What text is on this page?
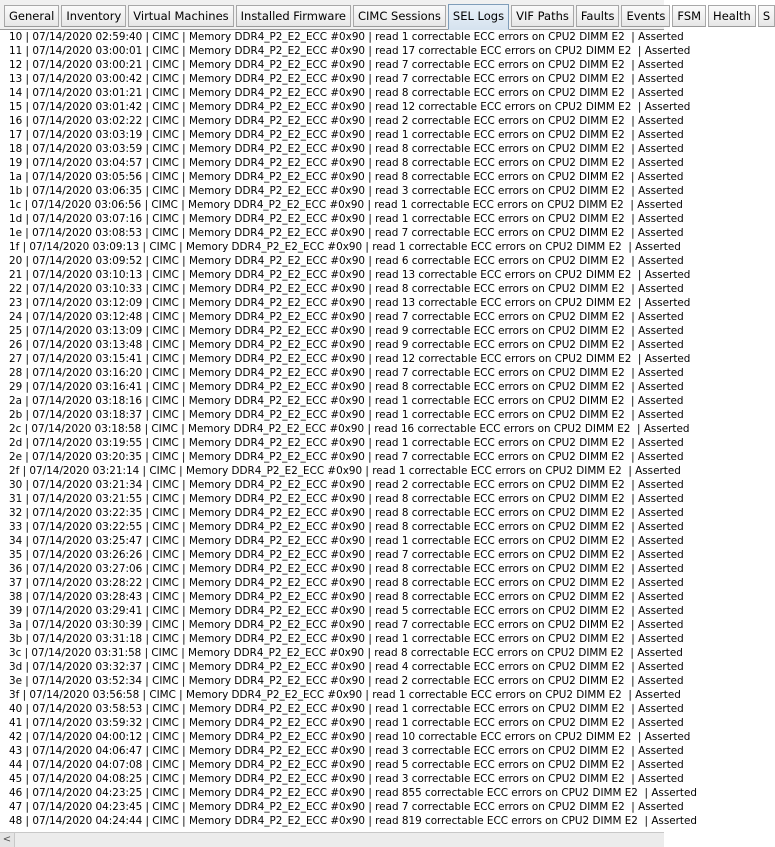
General	Inventory	Virtual Machines	Installed Firmware	CIMC Sessions	SEL Logs	VIF Paths	Faults	Events	FSM	Health	S
10 | 07/14/2020 02:59:40 | CIMC | Memory DDR4_P2_E2_ECC #0x90 | read 1 correctable ECC errors on CPU2 DIMM E2  | Asserted
11 | 07/14/2020 03:00:01 | CIMC | Memory DDR4_P2_E2_ECC #0x90 | read 17 correctable ECC errors on CPU2 DIMM E2  | Asserted
12 | 07/14/2020 03:00:21 | CIMC | Memory DDR4_P2_E2_ECC #0x90 | read 7 correctable ECC errors on CPU2 DIMM E2  | Asserted
13 | 07/14/2020 03:00:42 | CIMC | Memory DDR4_P2_E2_ECC #0x90 | read 7 correctable ECC errors on CPU2 DIMM E2  | Asserted
14 | 07/14/2020 03:01:21 | CIMC | Memory DDR4_P2_E2_ECC #0x90 | read 8 correctable ECC errors on CPU2 DIMM E2  | Asserted
15 | 07/14/2020 03:01:42 | CIMC | Memory DDR4_P2_E2_ECC #0x90 | read 12 correctable ECC errors on CPU2 DIMM E2  | Asserted
16 | 07/14/2020 03:02:22 | CIMC | Memory DDR4_P2_E2_ECC #0x90 | read 2 correctable ECC errors on CPU2 DIMM E2  | Asserted
17 | 07/14/2020 03:03:19 | CIMC | Memory DDR4_P2_E2_ECC #0x90 | read 1 correctable ECC errors on CPU2 DIMM E2  | Asserted
18 | 07/14/2020 03:03:59 | CIMC | Memory DDR4_P2_E2_ECC #0x90 | read 8 correctable ECC errors on CPU2 DIMM E2  | Asserted
19 | 07/14/2020 03:04:57 | CIMC | Memory DDR4_P2_E2_ECC #0x90 | read 8 correctable ECC errors on CPU2 DIMM E2  | Asserted
1a | 07/14/2020 03:05:56 | CIMC | Memory DDR4_P2_E2_ECC #0x90 | read 8 correctable ECC errors on CPU2 DIMM E2  | Asserted
1b | 07/14/2020 03:06:35 | CIMC | Memory DDR4_P2_E2_ECC #0x90 | read 3 correctable ECC errors on CPU2 DIMM E2  | Asserted
1c | 07/14/2020 03:06:56 | CIMC | Memory DDR4_P2_E2_ECC #0x90 | read 1 correctable ECC errors on CPU2 DIMM E2  | Asserted
1d | 07/14/2020 03:07:16 | CIMC | Memory DDR4_P2_E2_ECC #0x90 | read 1 correctable ECC errors on CPU2 DIMM E2  | Asserted
1e | 07/14/2020 03:08:53 | CIMC | Memory DDR4_P2_E2_ECC #0x90 | read 7 correctable ECC errors on CPU2 DIMM E2  | Asserted
1f | 07/14/2020 03:09:13 | CIMC | Memory DDR4_P2_E2_ECC #0x90 | read 1 correctable ECC errors on CPU2 DIMM E2  | Asserted
20 | 07/14/2020 03:09:52 | CIMC | Memory DDR4_P2_E2_ECC #0x90 | read 6 correctable ECC errors on CPU2 DIMM E2  | Asserted
21 | 07/14/2020 03:10:13 | CIMC | Memory DDR4_P2_E2_ECC #0x90 | read 13 correctable ECC errors on CPU2 DIMM E2  | Asserted
22 | 07/14/2020 03:10:33 | CIMC | Memory DDR4_P2_E2_ECC #0x90 | read 8 correctable ECC errors on CPU2 DIMM E2  | Asserted
23 | 07/14/2020 03:12:09 | CIMC | Memory DDR4_P2_E2_ECC #0x90 | read 13 correctable ECC errors on CPU2 DIMM E2  | Asserted
24 | 07/14/2020 03:12:48 | CIMC | Memory DDR4_P2_E2_ECC #0x90 | read 7 correctable ECC errors on CPU2 DIMM E2  | Asserted
25 | 07/14/2020 03:13:09 | CIMC | Memory DDR4_P2_E2_ECC #0x90 | read 9 correctable ECC errors on CPU2 DIMM E2  | Asserted
26 | 07/14/2020 03:13:48 | CIMC | Memory DDR4_P2_E2_ECC #0x90 | read 9 correctable ECC errors on CPU2 DIMM E2  | Asserted
27 | 07/14/2020 03:15:41 | CIMC | Memory DDR4_P2_E2_ECC #0x90 | read 12 correctable ECC errors on CPU2 DIMM E2  | Asserted
28 | 07/14/2020 03:16:20 | CIMC | Memory DDR4_P2_E2_ECC #0x90 | read 7 correctable ECC errors on CPU2 DIMM E2  | Asserted
29 | 07/14/2020 03:16:41 | CIMC | Memory DDR4_P2_E2_ECC #0x90 | read 8 correctable ECC errors on CPU2 DIMM E2  | Asserted
2a | 07/14/2020 03:18:16 | CIMC | Memory DDR4_P2_E2_ECC #0x90 | read 1 correctable ECC errors on CPU2 DIMM E2  | Asserted
2b | 07/14/2020 03:18:37 | CIMC | Memory DDR4_P2_E2_ECC #0x90 | read 1 correctable ECC errors on CPU2 DIMM E2  | Asserted
2c | 07/14/2020 03:18:58 | CIMC | Memory DDR4_P2_E2_ECC #0x90 | read 16 correctable ECC errors on CPU2 DIMM E2  | Asserted
2d | 07/14/2020 03:19:55 | CIMC | Memory DDR4_P2_E2_ECC #0x90 | read 1 correctable ECC errors on CPU2 DIMM E2  | Asserted
2e | 07/14/2020 03:20:35 | CIMC | Memory DDR4_P2_E2_ECC #0x90 | read 7 correctable ECC errors on CPU2 DIMM E2  | Asserted
2f | 07/14/2020 03:21:14 | CIMC | Memory DDR4_P2_E2_ECC #0x90 | read 1 correctable ECC errors on CPU2 DIMM E2  | Asserted
30 | 07/14/2020 03:21:34 | CIMC | Memory DDR4_P2_E2_ECC #0x90 | read 2 correctable ECC errors on CPU2 DIMM E2  | Asserted
31 | 07/14/2020 03:21:55 | CIMC | Memory DDR4_P2_E2_ECC #0x90 | read 8 correctable ECC errors on CPU2 DIMM E2  | Asserted
32 | 07/14/2020 03:22:35 | CIMC | Memory DDR4_P2_E2_ECC #0x90 | read 8 correctable ECC errors on CPU2 DIMM E2  | Asserted
33 | 07/14/2020 03:22:55 | CIMC | Memory DDR4_P2_E2_ECC #0x90 | read 8 correctable ECC errors on CPU2 DIMM E2  | Asserted
34 | 07/14/2020 03:25:47 | CIMC | Memory DDR4_P2_E2_ECC #0x90 | read 1 correctable ECC errors on CPU2 DIMM E2  | Asserted
35 | 07/14/2020 03:26:26 | CIMC | Memory DDR4_P2_E2_ECC #0x90 | read 7 correctable ECC errors on CPU2 DIMM E2  | Asserted
36 | 07/14/2020 03:27:06 | CIMC | Memory DDR4_P2_E2_ECC #0x90 | read 8 correctable ECC errors on CPU2 DIMM E2  | Asserted
37 | 07/14/2020 03:28:22 | CIMC | Memory DDR4_P2_E2_ECC #0x90 | read 8 correctable ECC errors on CPU2 DIMM E2  | Asserted
38 | 07/14/2020 03:28:43 | CIMC | Memory DDR4_P2_E2_ECC #0x90 | read 8 correctable ECC errors on CPU2 DIMM E2  | Asserted
39 | 07/14/2020 03:29:41 | CIMC | Memory DDR4_P2_E2_ECC #0x90 | read 5 correctable ECC errors on CPU2 DIMM E2  | Asserted
3a | 07/14/2020 03:30:39 | CIMC | Memory DDR4_P2_E2_ECC #0x90 | read 7 correctable ECC errors on CPU2 DIMM E2  | Asserted
3b | 07/14/2020 03:31:18 | CIMC | Memory DDR4_P2_E2_ECC #0x90 | read 1 correctable ECC errors on CPU2 DIMM E2  | Asserted
3c | 07/14/2020 03:31:58 | CIMC | Memory DDR4_P2_E2_ECC #0x90 | read 8 correctable ECC errors on CPU2 DIMM E2  | Asserted
3d | 07/14/2020 03:32:37 | CIMC | Memory DDR4_P2_E2_ECC #0x90 | read 4 correctable ECC errors on CPU2 DIMM E2  | Asserted
3e | 07/14/2020 03:52:34 | CIMC | Memory DDR4_P2_E2_ECC #0x90 | read 2 correctable ECC errors on CPU2 DIMM E2  | Asserted
3f | 07/14/2020 03:56:58 | CIMC | Memory DDR4_P2_E2_ECC #0x90 | read 1 correctable ECC errors on CPU2 DIMM E2  | Asserted
40 | 07/14/2020 03:58:53 | CIMC | Memory DDR4_P2_E2_ECC #0x90 | read 1 correctable ECC errors on CPU2 DIMM E2  | Asserted
41 | 07/14/2020 03:59:32 | CIMC | Memory DDR4_P2_E2_ECC #0x90 | read 1 correctable ECC errors on CPU2 DIMM E2  | Asserted
42 | 07/14/2020 04:00:12 | CIMC | Memory DDR4_P2_E2_ECC #0x90 | read 10 correctable ECC errors on CPU2 DIMM E2  | Asserted
43 | 07/14/2020 04:06:47 | CIMC | Memory DDR4_P2_E2_ECC #0x90 | read 3 correctable ECC errors on CPU2 DIMM E2  | Asserted
44 | 07/14/2020 04:07:08 | CIMC | Memory DDR4_P2_E2_ECC #0x90 | read 5 correctable ECC errors on CPU2 DIMM E2  | Asserted
45 | 07/14/2020 04:08:25 | CIMC | Memory DDR4_P2_E2_ECC #0x90 | read 3 correctable ECC errors on CPU2 DIMM E2  | Asserted
46 | 07/14/2020 04:23:25 | CIMC | Memory DDR4_P2_E2_ECC #0x90 | read 855 correctable ECC errors on CPU2 DIMM E2  | Asserted
47 | 07/14/2020 04:23:45 | CIMC | Memory DDR4_P2_E2_ECC #0x90 | read 7 correctable ECC errors on CPU2 DIMM E2  | Asserted
48 | 07/14/2020 04:24:44 | CIMC | Memory DDR4_P2_E2_ECC #0x90 | read 819 correctable ECC errors on CPU2 DIMM E2  | Asserted
<
